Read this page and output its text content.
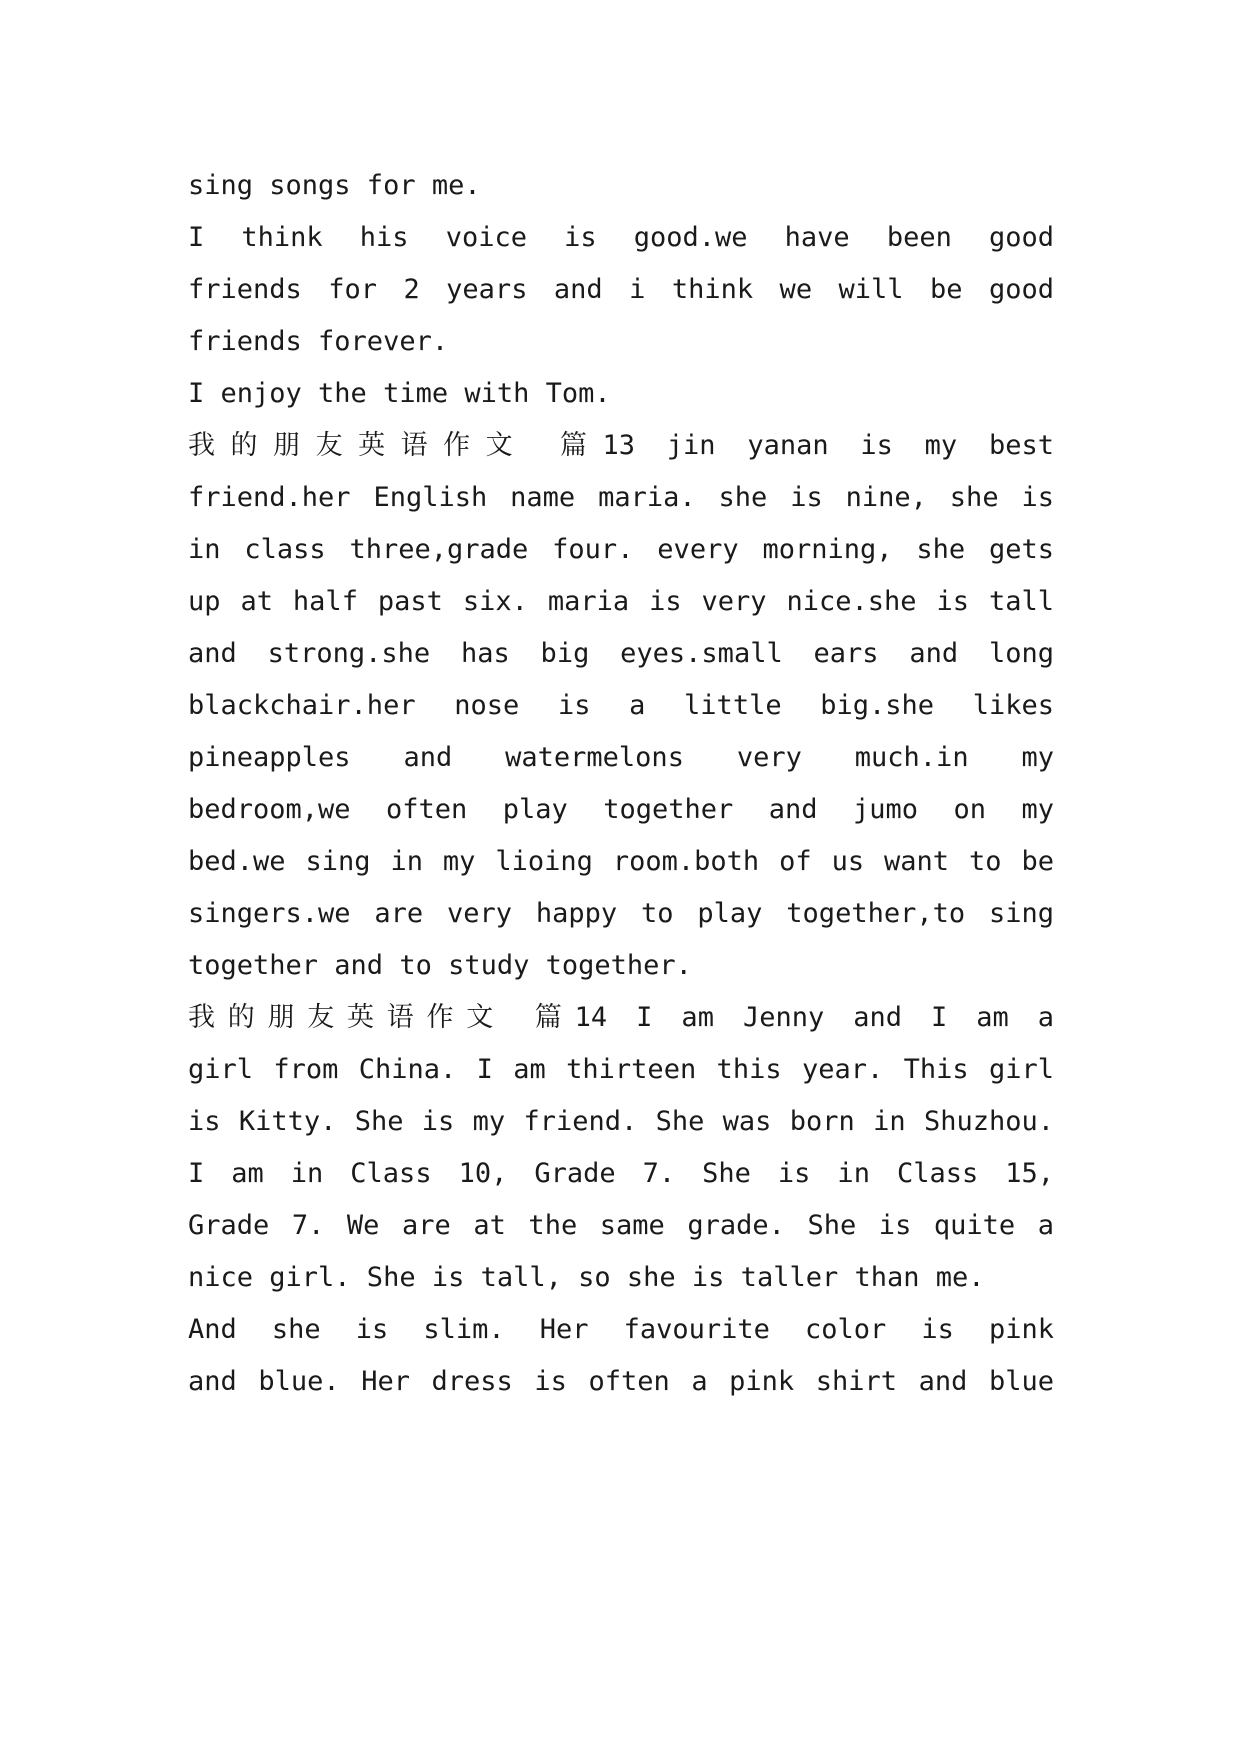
sing songs for me.
I think his voice is good.we have been good
friends for 2 years and i think we will be good
friends forever.
I enjoy the time with Tom.
我的朋友英语作文 篇13 jin yanan is my best
friend.her English name maria. she is nine, she is
in class three,grade four. every morning, she gets
up at half past six. maria is very nice.she is tall
and strong.she has big eyes.small ears and long
blackchair.her nose is a little big.she likes
pineapples and watermelons very much.in my
bedroom,we often play together and jumo on my
bed.we sing in my lioing room.both of us want to be
singers.we are very happy to play together,to sing
together and to study together.
我的朋友英语作文 篇14 I am Jenny and I am a
girl from China. I am thirteen this year. This girl
is Kitty. She is my friend. She was born in Shuzhou.
I am in Class 10, Grade 7. She is in Class 15,
Grade 7. We are at the same grade. She is quite a
nice girl. She is tall, so she is taller than me.
And she is slim. Her favourite color is pink
and blue. Her dress is often a pink shirt and blue
